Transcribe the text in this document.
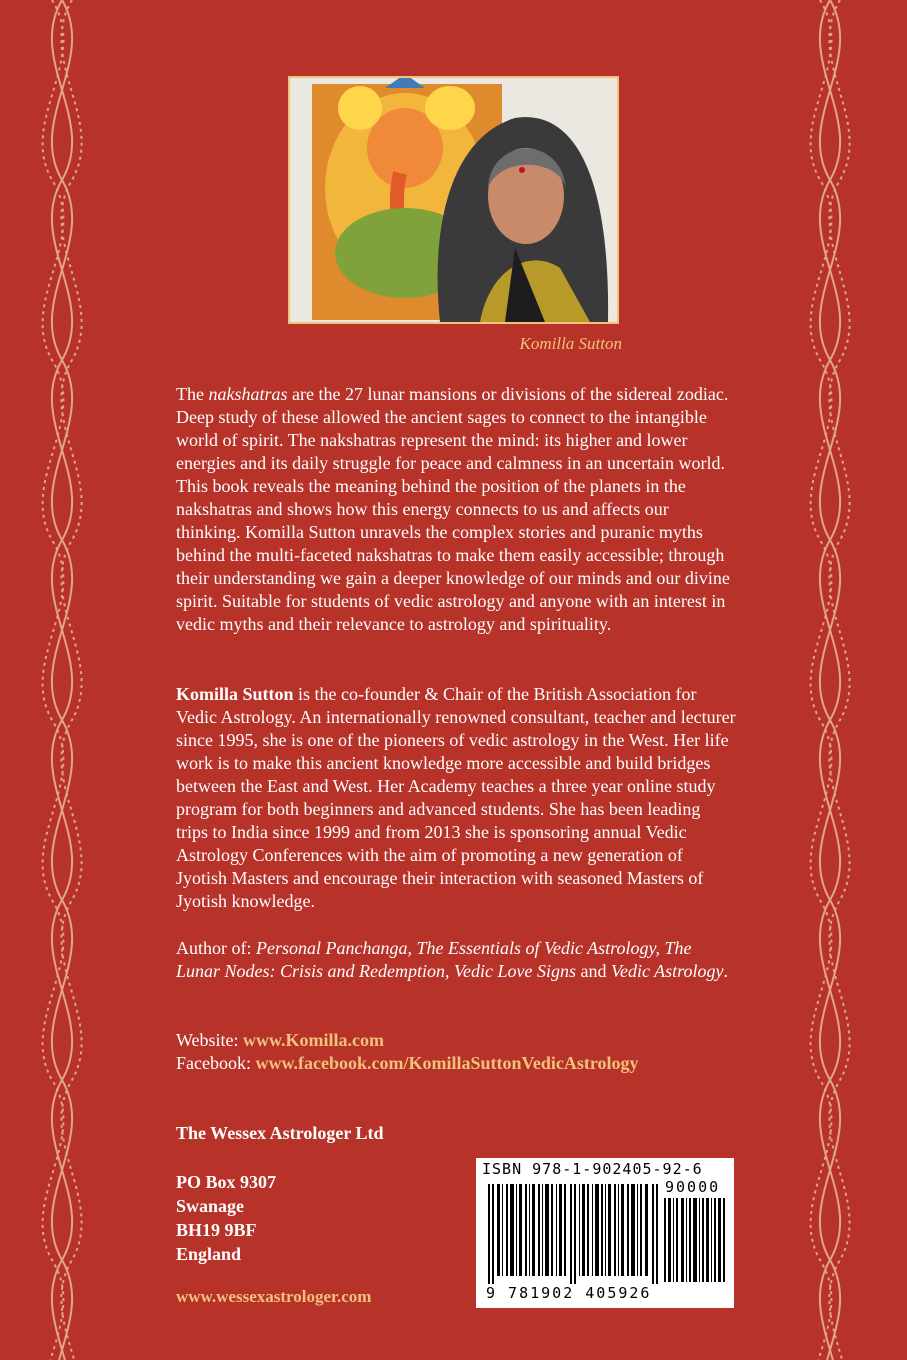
Komilla Sutton
The nakshatras are the 27 lunar mansions or divisions of the sidereal zodiac. Deep study of these allowed the ancient sages to connect to the intangible world of spirit. The nakshatras represent the mind: its higher and lower energies and its daily struggle for peace and calmness in an uncertain world. This book reveals the meaning behind the position of the planets in the nakshatras and shows how this energy connects to us and affects our thinking. Komilla Sutton unravels the complex stories and puranic myths behind the multi-faceted nakshatras to make them easily accessible; through their understanding we gain a deeper knowledge of our minds and our divine spirit. Suitable for students of vedic astrology and anyone with an interest in vedic myths and their relevance to astrology and spirituality.
Komilla Sutton is the co-founder & Chair of the British Association for Vedic Astrology. An internationally renowned consultant, teacher and lecturer since 1995, she is one of the pioneers of vedic astrology in the West. Her life work is to make this ancient knowledge more accessible and build bridges between the East and West. Her Academy teaches a three year online study program for both beginners and advanced students. She has been leading trips to India since 1999 and from 2013 she is sponsoring annual Vedic Astrology Conferences with the aim of promoting a new generation of Jyotish Masters and encourage their interaction with seasoned Masters of Jyotish knowledge.
Author of: Personal Panchanga, The Essentials of Vedic Astrology, The Lunar Nodes: Crisis and Redemption, Vedic Love Signs and Vedic Astrology.
Website: www.Komilla.com
Facebook: www.facebook.com/KomillaSuttonVedicAstrology
The Wessex Astrologer Ltd
PO Box 9307
Swanage
BH19 9BF
England
www.wessexastrologer.com
ISBN 978-1-902405-92-6
90000
9 781902 405926
